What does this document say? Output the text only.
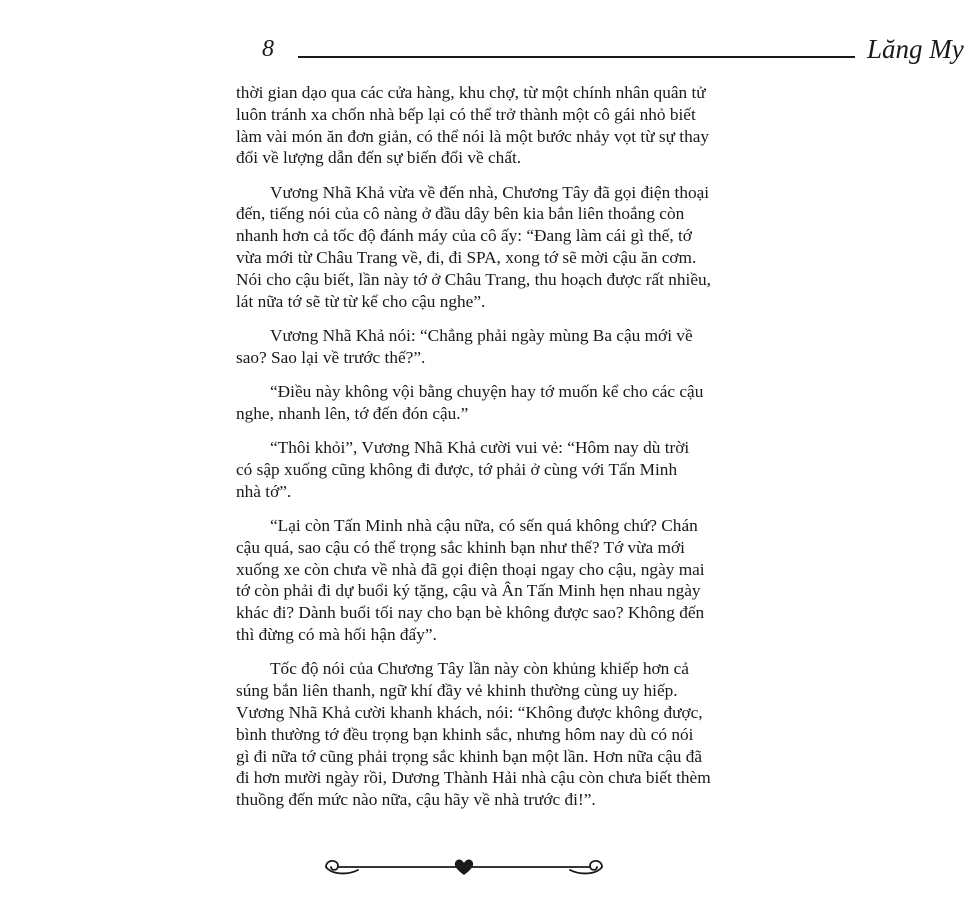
8	Lăng My
thời gian dạo qua các cửa hàng, khu chợ, từ một chính nhân quân tử
luôn tránh xa chốn nhà bếp lại có thể trở thành một cô gái nhỏ biết
làm vài món ăn đơn giản, có thể nói là một bước nhảy vọt từ sự thay
đổi về lượng dẫn đến sự biến đổi về chất.
Vương Nhã Khả vừa về đến nhà, Chương Tây đã gọi điện thoại
đến, tiếng nói của cô nàng ở đầu dây bên kia bắn liên thoắng còn
nhanh hơn cả tốc độ đánh máy của cô ấy: “Đang làm cái gì thế, tớ
vừa mới từ Châu Trang về, đi, đi SPA, xong tớ sẽ mời cậu ăn cơm.
Nói cho cậu biết, lần này tớ ở Châu Trang, thu hoạch được rất nhiều,
lát nữa tớ sẽ từ từ kể cho cậu nghe”.
Vương Nhã Khả nói: “Chẳng phải ngày mùng Ba cậu mới về
sao? Sao lại về trước thế?”.
“Điều này không vội bằng chuyện hay tớ muốn kể cho các cậu
nghe, nhanh lên, tớ đến đón cậu.”
“Thôi khỏi”, Vương Nhã Khả cười vui vẻ: “Hôm nay dù trời
có sập xuống cũng không đi được, tớ phải ở cùng với Tấn Minh
nhà tớ”.
“Lại còn Tấn Minh nhà cậu nữa, có sến quá không chứ? Chán
cậu quá, sao cậu có thể trọng sắc khinh bạn như thế? Tớ vừa mới
xuống xe còn chưa về nhà đã gọi điện thoại ngay cho cậu, ngày mai
tớ còn phải đi dự buổi ký tặng, cậu và Ân Tấn Minh hẹn nhau ngày
khác đi? Dành buổi tối nay cho bạn bè không được sao? Không đến
thì đừng có mà hối hận đấy”.
Tốc độ nói của Chương Tây lần này còn khủng khiếp hơn cả
súng bắn liên thanh, ngữ khí đầy vẻ khinh thường cùng uy hiếp.
Vương Nhã Khả cười khanh khách, nói: “Không được không được,
bình thường tớ đều trọng bạn khinh sắc, nhưng hôm nay dù có nói
gì đi nữa tớ cũng phải trọng sắc khinh bạn một lần. Hơn nữa cậu đã
đi hơn mười ngày rồi, Dương Thành Hải nhà cậu còn chưa biết thèm
thuồng đến mức nào nữa, cậu hãy về nhà trước đi!”.
